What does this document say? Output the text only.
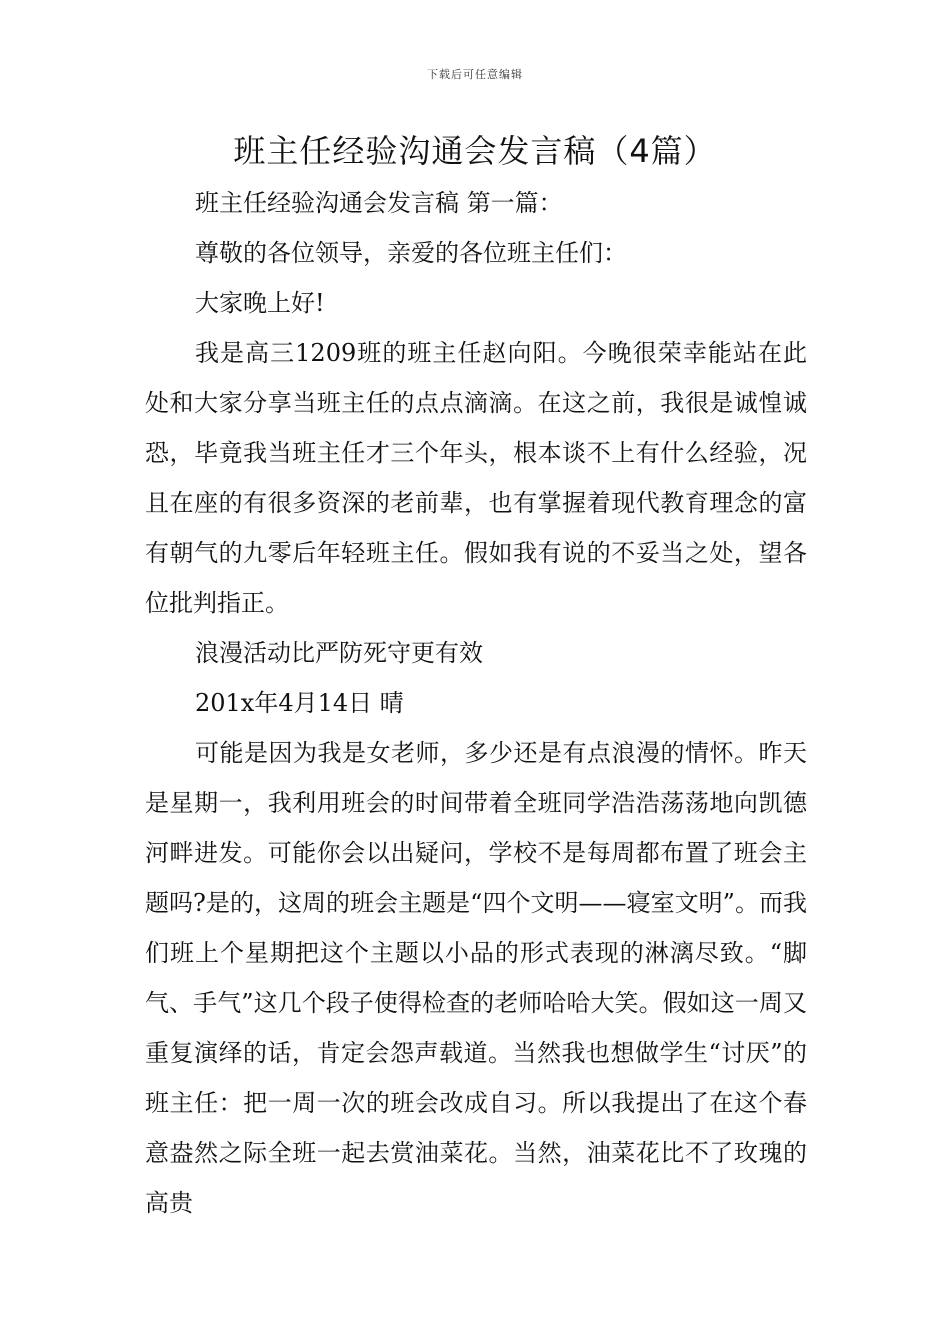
下载后可任意编辑
班主任经验沟通会发言稿（4篇）

班主任经验沟通会发言稿 第一篇：

尊敬的各位领导，亲爱的各位班主任们：

大家晚上好!

我是高三1209班的班主任赵向阳。今晚很荣幸能站在此处和大家分享当班主任的点点滴滴。在这之前，我很是诚惶诚恐，毕竟我当班主任才三个年头，根本谈不上有什么经验，况且在座的有很多资深的老前辈，也有掌握着现代教育理念的富有朝气的九零后年轻班主任。假如我有说的不妥当之处，望各位批判指正。

浪漫活动比严防死守更有效

201x年4月14日 晴

可能是因为我是女老师，多少还是有点浪漫的情怀。昨天是星期一，我利用班会的时间带着全班同学浩浩荡荡地向凯德河畔进发。可能你会以出疑问，学校不是每周都布置了班会主题吗?是的，这周的班会主题是“四个文明——寝室文明”。而我们班上个星期把这个主题以小品的形式表现的淋漓尽致。“脚气、手气”这几个段子使得检查的老师哈哈大笑。假如这一周又重复演绎的话，肯定会怨声载道。当然我也想做学生“讨厌”的班主任：把一周一次的班会改成自习。所以我提出了在这个春意盎然之际全班一起去赏油菜花。当然，油菜花比不了玫瑰的高贵
